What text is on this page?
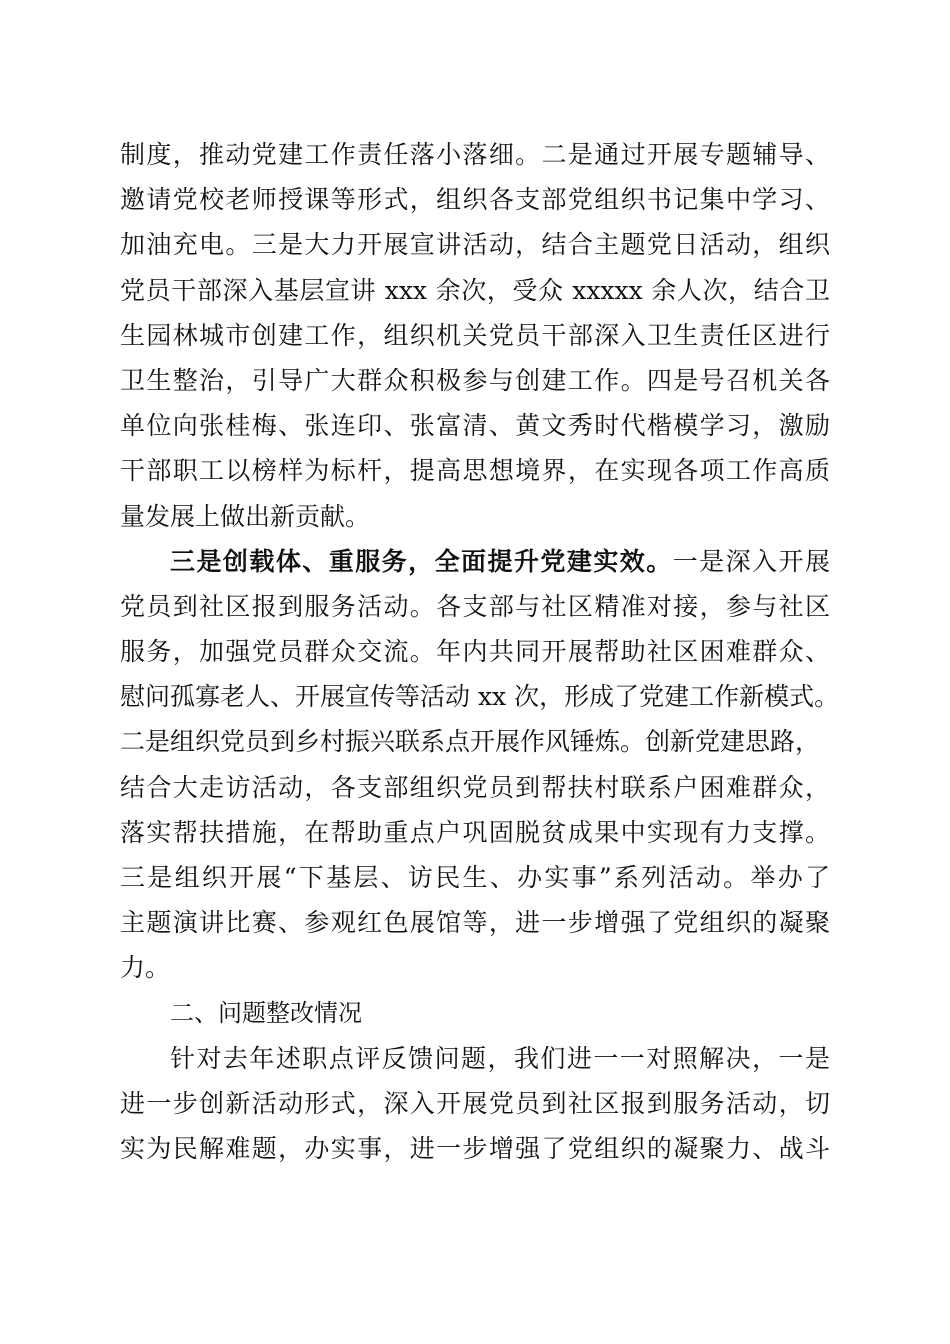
制度，推动党建工作责任落小落细。二是通过开展专题辅导、
邀请党校老师授课等形式，组织各支部党组织书记集中学习、
加油充电。三是大力开展宣讲活动，结合主题党日活动，组织
党员干部深入基层宣讲 xxx 余次，受众 xxxxx 余人次，结合卫
生园林城市创建工作，组织机关党员干部深入卫生责任区进行
卫生整治，引导广大群众积极参与创建工作。四是号召机关各
单位向张桂梅、张连印、张富清、黄文秀时代楷模学习，激励
干部职工以榜样为标杆，提高思想境界，在实现各项工作高质
量发展上做出新贡献。
三是创载体、重服务，全面提升党建实效。一是深入开展
党员到社区报到服务活动。各支部与社区精准对接，参与社区
服务，加强党员群众交流。年内共同开展帮助社区困难群众、
慰问孤寡老人、开展宣传等活动 xx 次，形成了党建工作新模式。
二是组织党员到乡村振兴联系点开展作风锤炼。创新党建思路，
结合大走访活动，各支部组织党员到帮扶村联系户困难群众，
落实帮扶措施，在帮助重点户巩固脱贫成果中实现有力支撑。
三是组织开展“下基层、访民生、办实事”系列活动。举办了
主题演讲比赛、参观红色展馆等，进一步增强了党组织的凝聚
力。
二、问题整改情况
针对去年述职点评反馈问题，我们进一一对照解决，一是
进一步创新活动形式，深入开展党员到社区报到服务活动，切
实为民解难题，办实事，进一步增强了党组织的凝聚力、战斗
